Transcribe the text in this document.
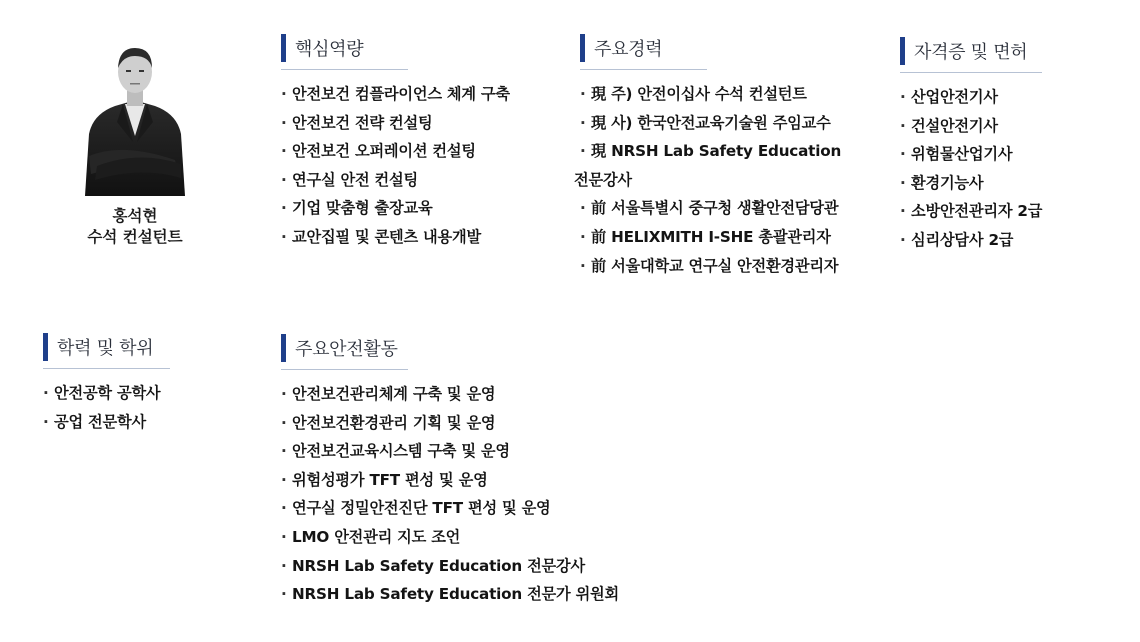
홍석현
수석 컨설턴트
핵심역량
· 안전보건 컴플라이언스 체계 구축
· 안전보건 전략 컨설팅
· 안전보건 오퍼레이션 컨설팅
· 연구실 안전 컨설팅
· 기업 맞춤형 출장교육
· 교안집필 및 콘텐츠 내용개발
주요경력
· 現 주) 안전이십사 수석 컨설턴트
· 現 사) 한국안전교육기술원 주임교수
· 現 NRSH Lab Safety Education
전문강사
· 前 서울특별시 중구청 생활안전담당관
· 前 HELIXMITH I-SHE 총괄관리자
· 前 서울대학교 연구실 안전환경관리자
자격증 및 면허
· 산업안전기사
· 건설안전기사
· 위험물산업기사
· 환경기능사
· 소방안전관리자 2급
· 심리상담사 2급
학력 및 학위
· 안전공학 공학사
· 공업 전문학사
주요안전활동
· 안전보건관리체계 구축 및 운영
· 안전보건환경관리 기획 및 운영
· 안전보건교육시스템 구축 및 운영
· 위험성평가 TFT 편성 및 운영
· 연구실 정밀안전진단 TFT 편성 및 운영
· LMO 안전관리 지도 조언
· NRSH Lab Safety Education 전문강사
· NRSH Lab Safety Education 전문가 위원회
